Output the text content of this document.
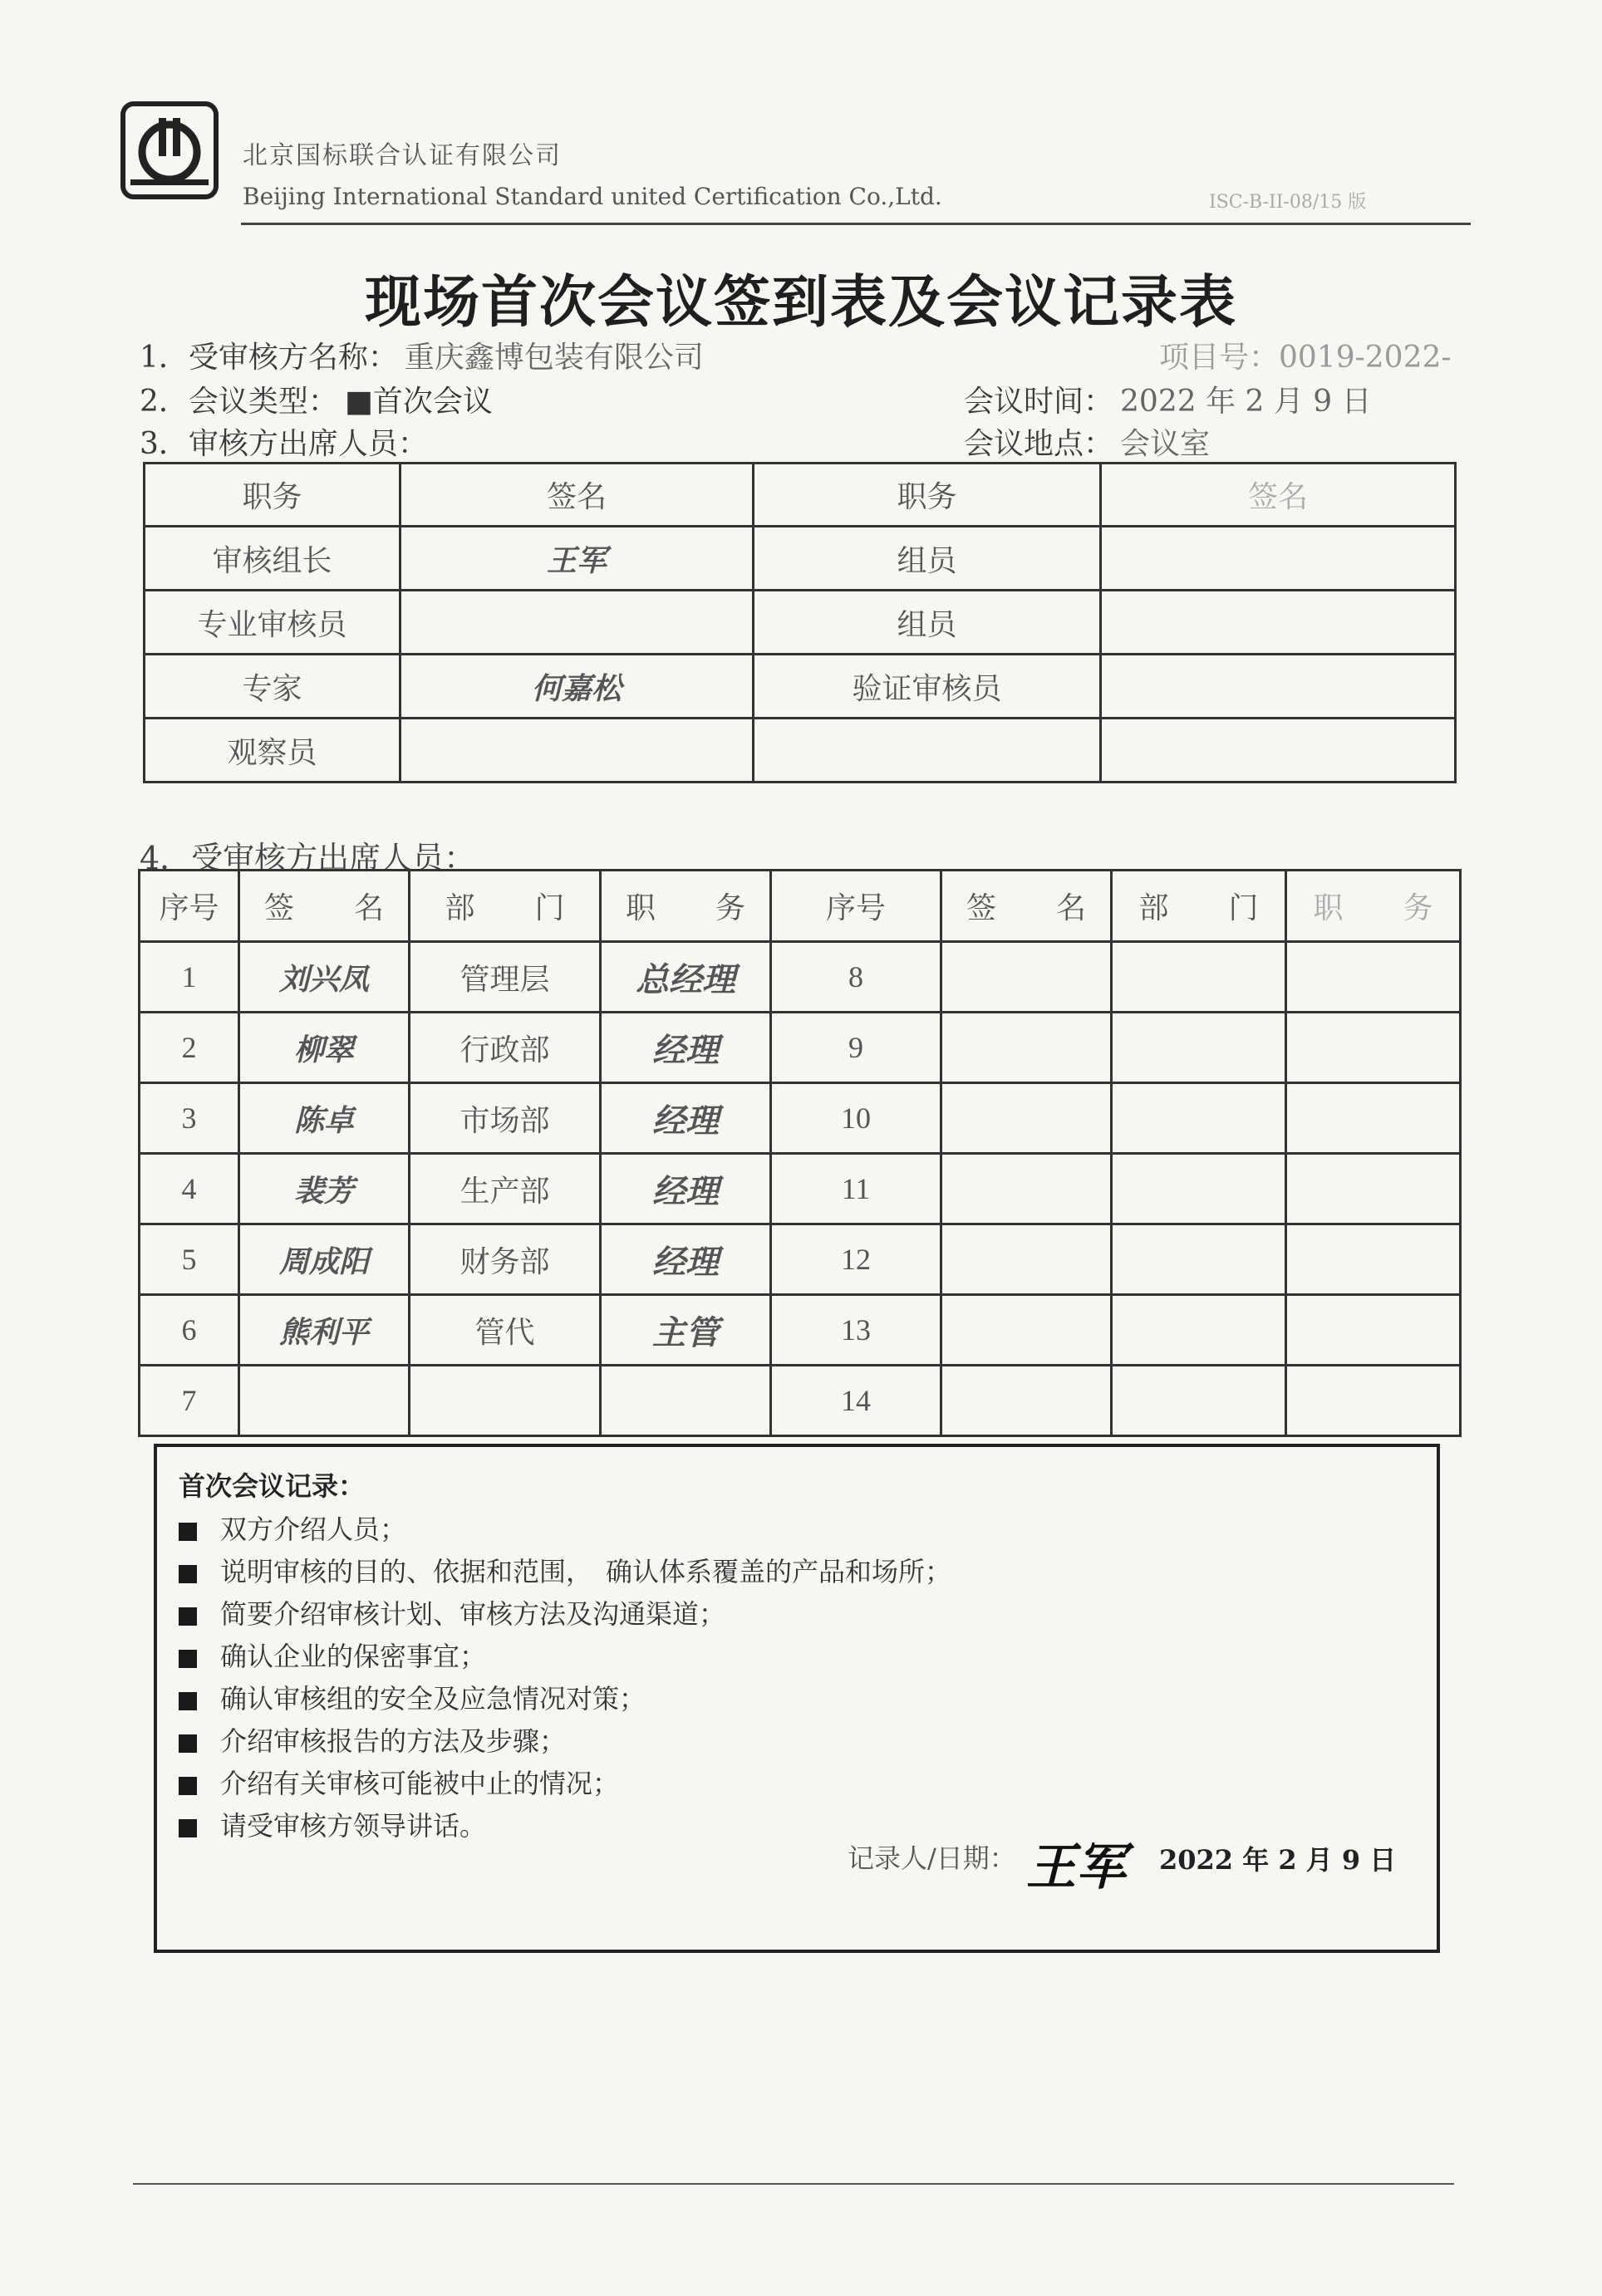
北京国标联合认证有限公司
Beijing International Standard united Certification Co.,Ltd.	ISC-B-II-08/15 版
现场首次会议签到表及会议记录表
1．受审核方名称： 重庆鑫博包装有限公司	项目号：0019-2022-
2．会议类型： ■首次会议	会议时间： 2022 年 2 月 9 日
3．审核方出席人员：	会议地点： 会议室
职务	签名	职务	签名
审核组长	王军	组员	
专业审核员		组员	
专家	何嘉松	验证审核员	
观察员			
4．受审核方出席人员：
序号	签　　名	部　　门	职　　务	序号	签　　名	部　　门	职　　务
1	刘兴凤	管理层	总经理	8			
2	柳翠	行政部	经理	9			
3	陈卓	市场部	经理	10			
4	裴芳	生产部	经理	11			
5	周成阳	财务部	经理	12			
6	熊利平	管代	主管	13			
7				14			
首次会议记录：
双方介绍人员；
说明审核的目的、依据和范围，　确认体系覆盖的产品和场所；
简要介绍审核计划、审核方法及沟通渠道；
确认企业的保密事宜；
确认审核组的安全及应急情况对策；
介绍审核报告的方法及步骤；
介绍有关审核可能被中止的情况；
请受审核方领导讲话。
记录人/日期： 王军 2022 年 2 月 9 日
